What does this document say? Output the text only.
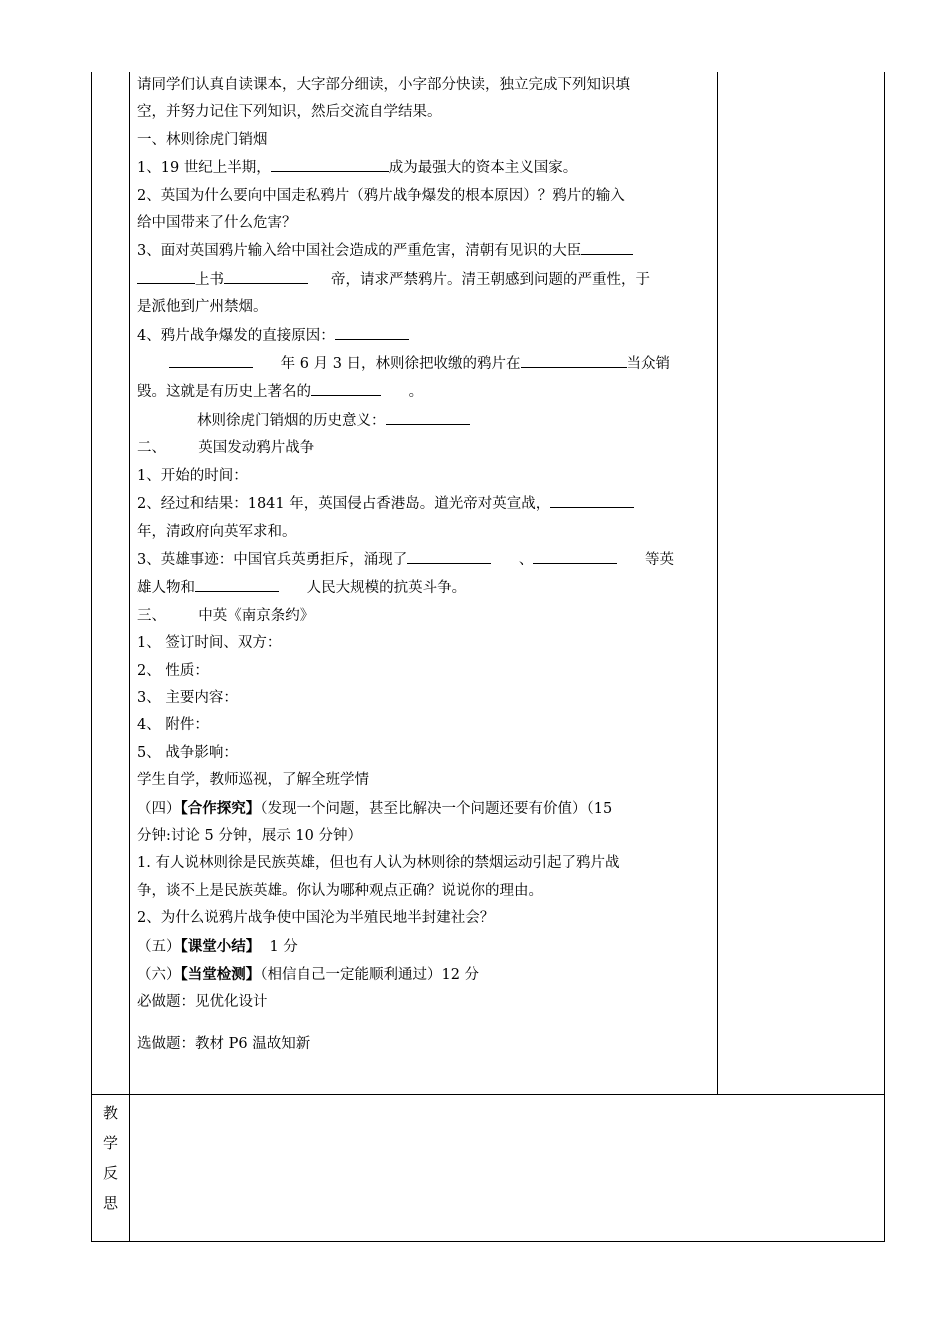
请同学们认真自读课本，大字部分细读，小字部分快读，独立完成下列知识填

空，并努力记住下列知识，然后交流自学结果。

一、林则徐虎门销烟

1、19 世纪上半期，	成为最强大的资本主义国家。

2、英国为什么要向中国走私鸦片（鸦片战争爆发的根本原因）？鸦片的输入

给中国带来了什么危害？

3、面对英国鸦片输入给中国社会造成的严重危害，清朝有见识的大臣

上书	帝，请求严禁鸦片。清王朝感到问题的严重性，于

是派他到广州禁烟。

4、鸦片战争爆发的直接原因：

年 6 月 3 日，林则徐把收缴的鸦片在	当众销

毁。这就是有历史上著名的	。

林则徐虎门销烟的历史意义：

二、 英国发动鸦片战争

1、开始的时间：

2、经过和结果：1841 年，英国侵占香港岛。道光帝对英宣战，

年，清政府向英军求和。

3、英雄事迹：中国官兵英勇拒斥，涌现了	、	等英

雄人物和	人民大规模的抗英斗争。

三、 中英《南京条约》

1、 签订时间、双方：

2、 性质：

3、 主要内容：

4、 附件：

5、 战争影响：

学生自学，教师巡视，了解全班学情

（四）【合作探究】（发现一个问题，甚至比解决一个问题还要有价值）（15

分钟:讨论 5 分钟，展示 10 分钟）

1. 有人说林则徐是民族英雄，但也有人认为林则徐的禁烟运动引起了鸦片战

争，谈不上是民族英雄。你认为哪种观点正确？说说你的理由。

2、为什么说鸦片战争使中国沦为半殖民地半封建社会？

（五）【课堂小结】 1 分

（六）【当堂检测】（相信自己一定能顺利通过）12 分

必做题：见优化设计

选做题：教材 P6 温故知新

教
学
反
思
